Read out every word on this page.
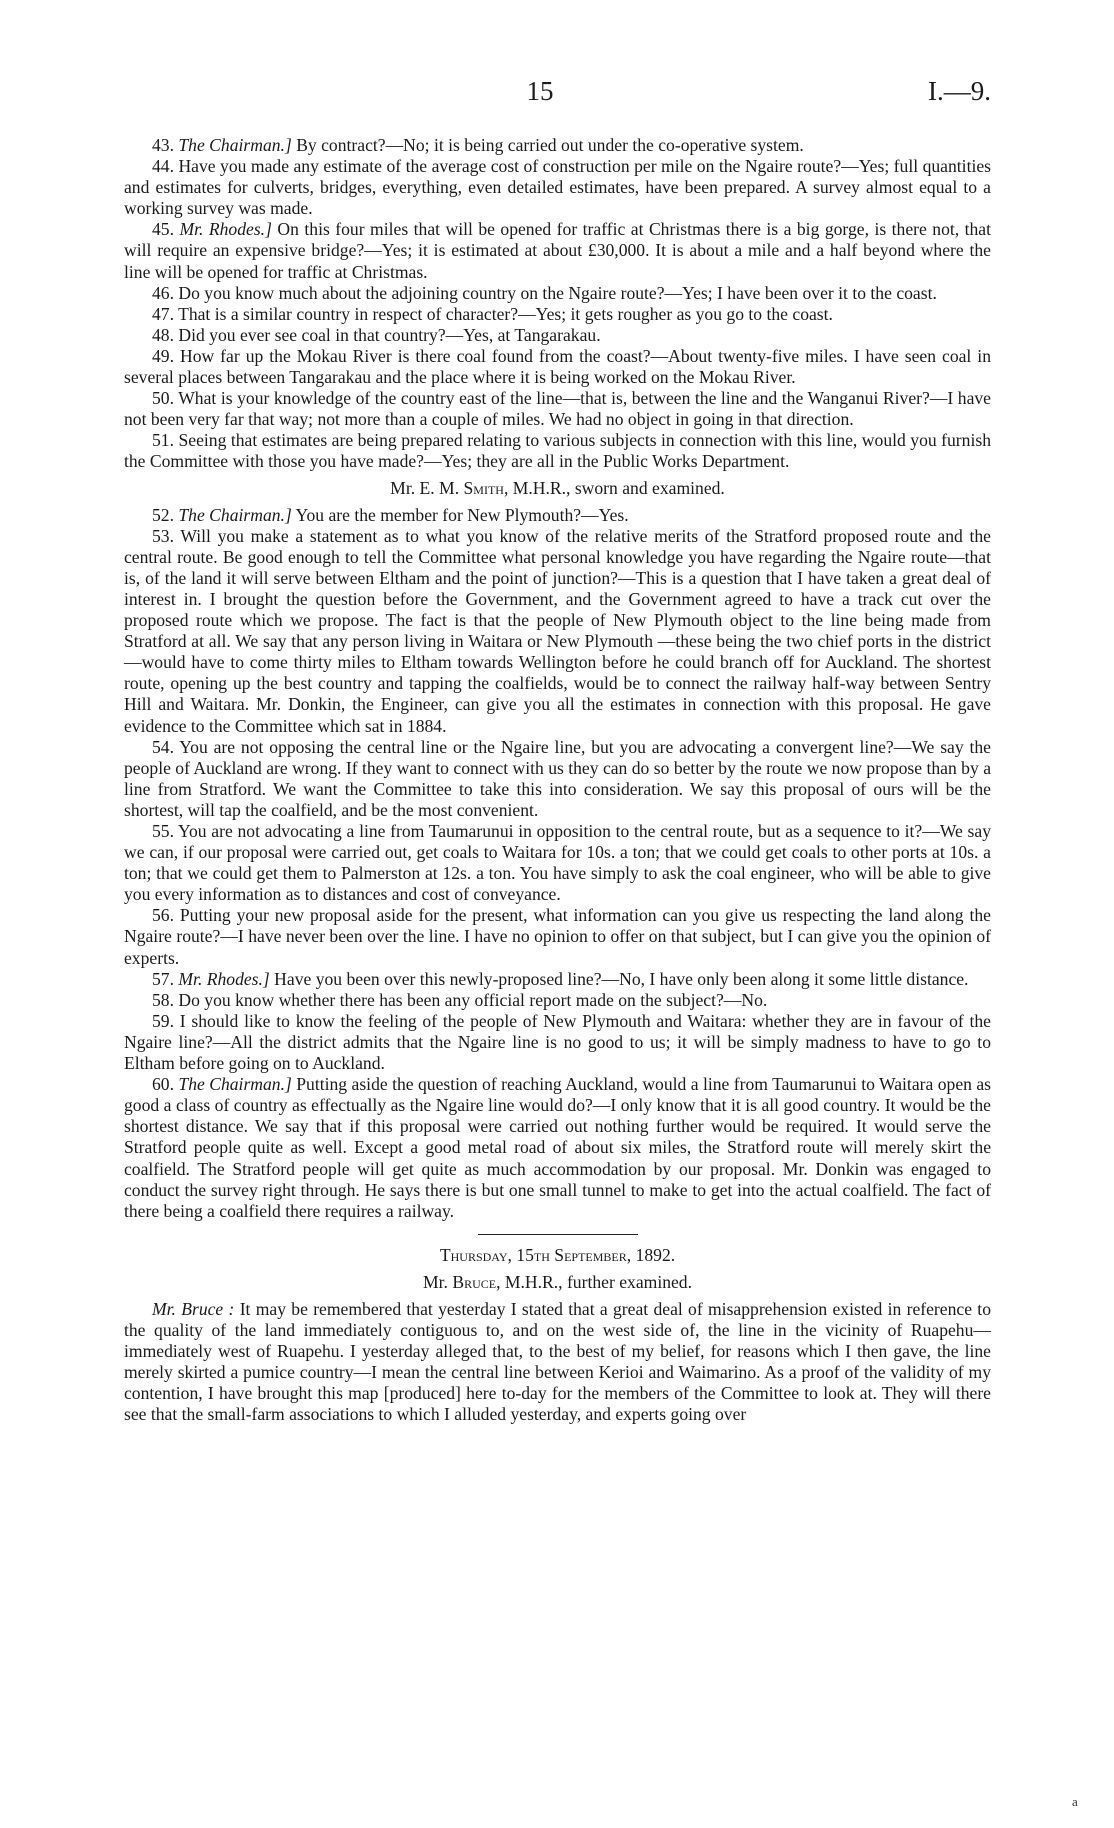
15	I.—9.

43. The Chairman.] By contract?—No; it is being carried out under the co-operative system.

44. Have you made any estimate of the average cost of construction per mile on the Ngaire route?—Yes; full quantities and estimates for culverts, bridges, everything, even detailed estimates, have been prepared. A survey almost equal to a working survey was made.

45. Mr. Rhodes.] On this four miles that will be opened for traffic at Christmas there is a big gorge, is there not, that will require an expensive bridge?—Yes; it is estimated at about £30,000. It is about a mile and a half beyond where the line will be opened for traffic at Christmas.

46. Do you know much about the adjoining country on the Ngaire route?—Yes; I have been over it to the coast.

47. That is a similar country in respect of character?—Yes; it gets rougher as you go to the coast.

48. Did you ever see coal in that country?—Yes, at Tangarakau.

49. How far up the Mokau River is there coal found from the coast?—About twenty-five miles. I have seen coal in several places between Tangarakau and the place where it is being worked on the Mokau River.

50. What is your knowledge of the country east of the line—that is, between the line and the Wanganui River?—I have not been very far that way; not more than a couple of miles. We had no object in going in that direction.

51. Seeing that estimates are being prepared relating to various subjects in connection with this line, would you furnish the Committee with those you have made?—Yes; they are all in the Public Works Department.

Mr. E. M. Smith, M.H.R., sworn and examined.

52. The Chairman.] You are the member for New Plymouth?—Yes.

53. Will you make a statement as to what you know of the relative merits of the Stratford proposed route and the central route. Be good enough to tell the Committee what personal knowledge you have regarding the Ngaire route—that is, of the land it will serve between Eltham and the point of junction?—This is a question that I have taken a great deal of interest in. I brought the question before the Government, and the Government agreed to have a track cut over the proposed route which we propose. The fact is that the people of New Plymouth object to the line being made from Stratford at all. We say that any person living in Waitara or New Plymouth —these being the two chief ports in the district—would have to come thirty miles to Eltham towards Wellington before he could branch off for Auckland. The shortest route, opening up the best country and tapping the coalfields, would be to connect the railway half-way between Sentry Hill and Waitara. Mr. Donkin, the Engineer, can give you all the estimates in connection with this proposal. He gave evidence to the Committee which sat in 1884.

54. You are not opposing the central line or the Ngaire line, but you are advocating a convergent line?—We say the people of Auckland are wrong. If they want to connect with us they can do so better by the route we now propose than by a line from Stratford. We want the Committee to take this into consideration. We say this proposal of ours will be the shortest, will tap the coalfield, and be the most convenient.

55. You are not advocating a line from Taumarunui in opposition to the central route, but as a sequence to it?—We say we can, if our proposal were carried out, get coals to Waitara for 10s. a ton; that we could get coals to other ports at 10s. a ton; that we could get them to Palmerston at 12s. a ton. You have simply to ask the coal engineer, who will be able to give you every information as to distances and cost of conveyance.

56. Putting your new proposal aside for the present, what information can you give us respecting the land along the Ngaire route?—I have never been over the line. I have no opinion to offer on that subject, but I can give you the opinion of experts.

57. Mr. Rhodes.] Have you been over this newly-proposed line?—No, I have only been along it some little distance.

58. Do you know whether there has been any official report made on the subject?—No.

59. I should like to know the feeling of the people of New Plymouth and Waitara: whether they are in favour of the Ngaire line?—All the district admits that the Ngaire line is no good to us; it will be simply madness to have to go to Eltham before going on to Auckland.

60. The Chairman.] Putting aside the question of reaching Auckland, would a line from Taumarunui to Waitara open as good a class of country as effectually as the Ngaire line would do?—I only know that it is all good country. It would be the shortest distance. We say that if this proposal were carried out nothing further would be required. It would serve the Stratford people quite as well. Except a good metal road of about six miles, the Stratford route will merely skirt the coalfield. The Stratford people will get quite as much accommodation by our proposal. Mr. Donkin was engaged to conduct the survey right through. He says there is but one small tunnel to make to get into the actual coalfield. The fact of there being a coalfield there requires a railway.

Thursday, 15th September, 1892.

Mr. Bruce, M.H.R., further examined.

Mr. Bruce : It may be remembered that yesterday I stated that a great deal of misapprehension existed in reference to the quality of the land immediately contiguous to, and on the west side of, the line in the vicinity of Ruapehu—immediately west of Ruapehu. I yesterday alleged that, to the best of my belief, for reasons which I then gave, the line merely skirted a pumice country—I mean the central line between Kerioi and Waimarino. As a proof of the validity of my contention, I have brought this map [produced] here to-day for the members of the Committee to look at. They will there see that the small-farm associations to which I alluded yesterday, and experts going over

a
